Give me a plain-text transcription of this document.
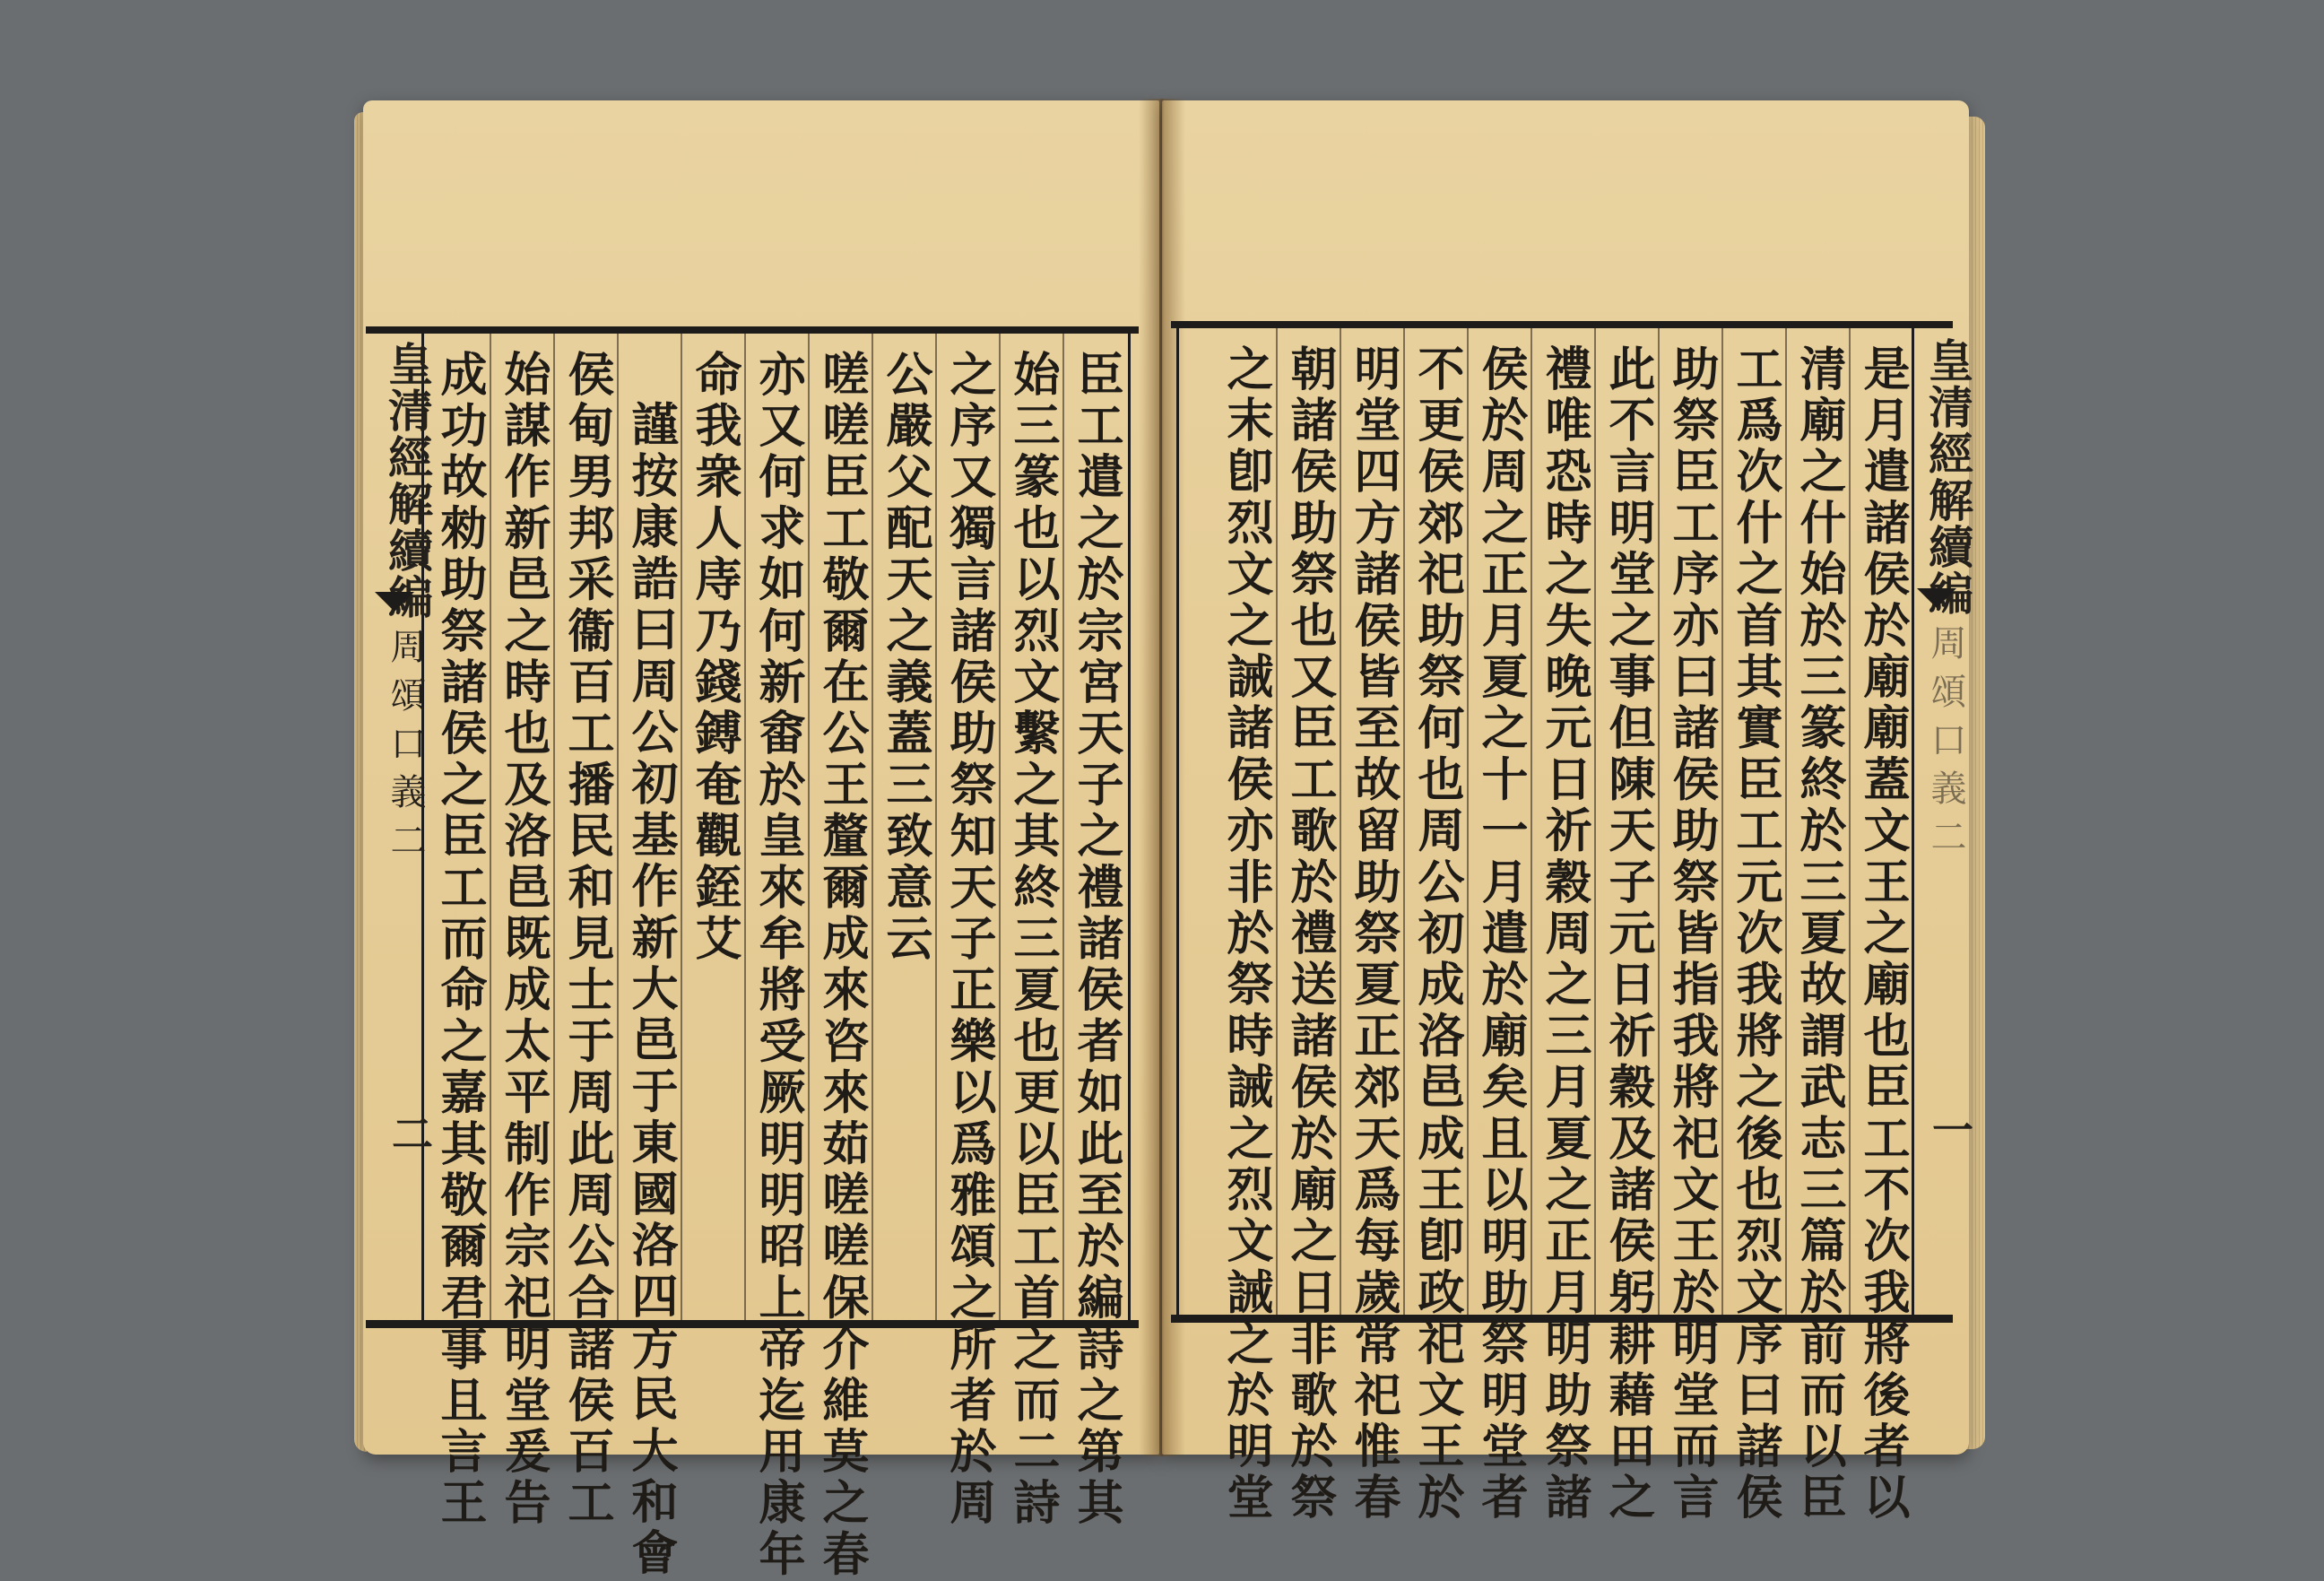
皇清經解續編
周頌口義二
二
皇清經解續編
周頌口義二
一
臣工遣之於宗宮天子之禮諸侯者如此至於編詩之第其
始三篆也以烈文繫之其終三夏也更以臣工首之而二詩
之序又獨言諸侯助祭知天子正樂以爲雅頌之所者於周
公嚴父配天之義蓋三致意云
嗟嗟臣工敬爾在公王釐爾成來咨來茹嗟嗟保介維莫之春
亦又何求如何新畬於皇來牟將受厥明明昭上帝迄用康年
命我衆人庤乃錢鎛奄觀銍艾
謹按康誥曰周公初基作新大邑于東國洛四方民大和會
侯甸男邦采衞百工播民和見士于周此周公合諸侯百工
始謀作新邑之時也及洛邑既成太平制作宗祀明堂爰告
成功故勑助祭諸侯之臣工而命之嘉其敬爾君事且言王	是月遣諸侯於廟廟蓋文王之廟也臣工不次我將後者以
清廟之什始於三篆終於三夏故謂武志三篇於前而以臣
工爲次什之首其實臣工元次我將之後也烈文序曰諸侯
助祭臣工序亦曰諸侯助祭皆指我將祀文王於明堂而言
此不言明堂之事但陳天子元日祈穀及諸侯躬耕藉田之
禮唯恐時之失晚元日祈穀周之三月夏之正月明助祭諸
侯於周之正月夏之十一月遣於廟矣且以明助祭明堂者
不更侯郊祀助祭何也周公初成洛邑成王卽政祀文王於
明堂四方諸侯皆至故留助祭夏正郊天爲每歲常祀惟春
朝諸侯助祭也又臣工歌於禮送諸侯於廟之日非歌於祭
之末卽烈文之誡諸侯亦非於祭時誡之烈文誡之於明堂
